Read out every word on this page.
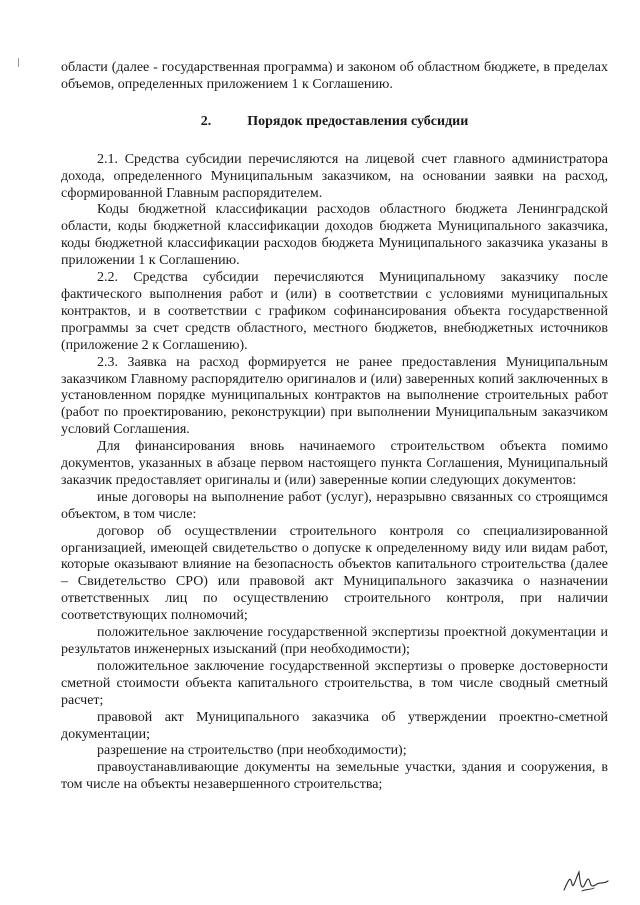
области (далее - государственная программа) и законом об областном бюджете, в пределах объемов, определенных приложением 1 к Соглашению.

2.	Порядок предоставления субсидии

2.1. Средства субсидии перечисляются на лицевой счет главного администратора дохода, определенного Муниципальным заказчиком, на основании заявки на расход, сформированной Главным распорядителем.

Коды бюджетной классификации расходов областного бюджета Ленинградской области, коды бюджетной классификации доходов бюджета Муниципального заказчика, коды бюджетной классификации расходов бюджета Муниципального заказчика указаны в приложении 1 к Соглашению.

2.2. Средства субсидии перечисляются Муниципальному заказчику после фактического выполнения работ и (или) в соответствии с условиями муниципальных контрактов, и в соответствии с графиком софинансирования объекта государственной программы за счет средств областного, местного бюджетов, внебюджетных источников (приложение 2 к Соглашению).

2.3. Заявка на расход формируется не ранее предоставления Муниципальным заказчиком Главному распорядителю оригиналов и (или) заверенных копий заключенных в установленном порядке муниципальных контрактов на выполнение строительных работ (работ по проектированию, реконструкции) при выполнении Муниципальным заказчиком условий Соглашения.

Для финансирования вновь начинаемого строительством объекта помимо документов, указанных в абзаце первом настоящего пункта Соглашения, Муниципальный заказчик предоставляет оригиналы и (или) заверенные копии следующих документов:

иные договоры на выполнение работ (услуг), неразрывно связанных со строящимся объектом, в том числе:

договор об осуществлении строительного контроля со специализированной организацией, имеющей свидетельство о допуске к определенному виду или видам работ, которые оказывают влияние на безопасность объектов капитального строительства (далее – Свидетельство СРО) или правовой акт Муниципального заказчика о назначении ответственных лиц по осуществлению строительного контроля, при наличии соответствующих полномочий;

положительное заключение государственной экспертизы проектной документации и результатов инженерных изысканий (при необходимости);

положительное заключение государственной экспертизы о проверке достоверности сметной стоимости объекта капитального строительства, в том числе сводный сметный расчет;

правовой акт Муниципального заказчика об утверждении проектно-сметной документации;

разрешение на строительство (при необходимости);

правоустанавливающие документы на земельные участки, здания и сооружения, в том числе на объекты незавершенного строительства;
